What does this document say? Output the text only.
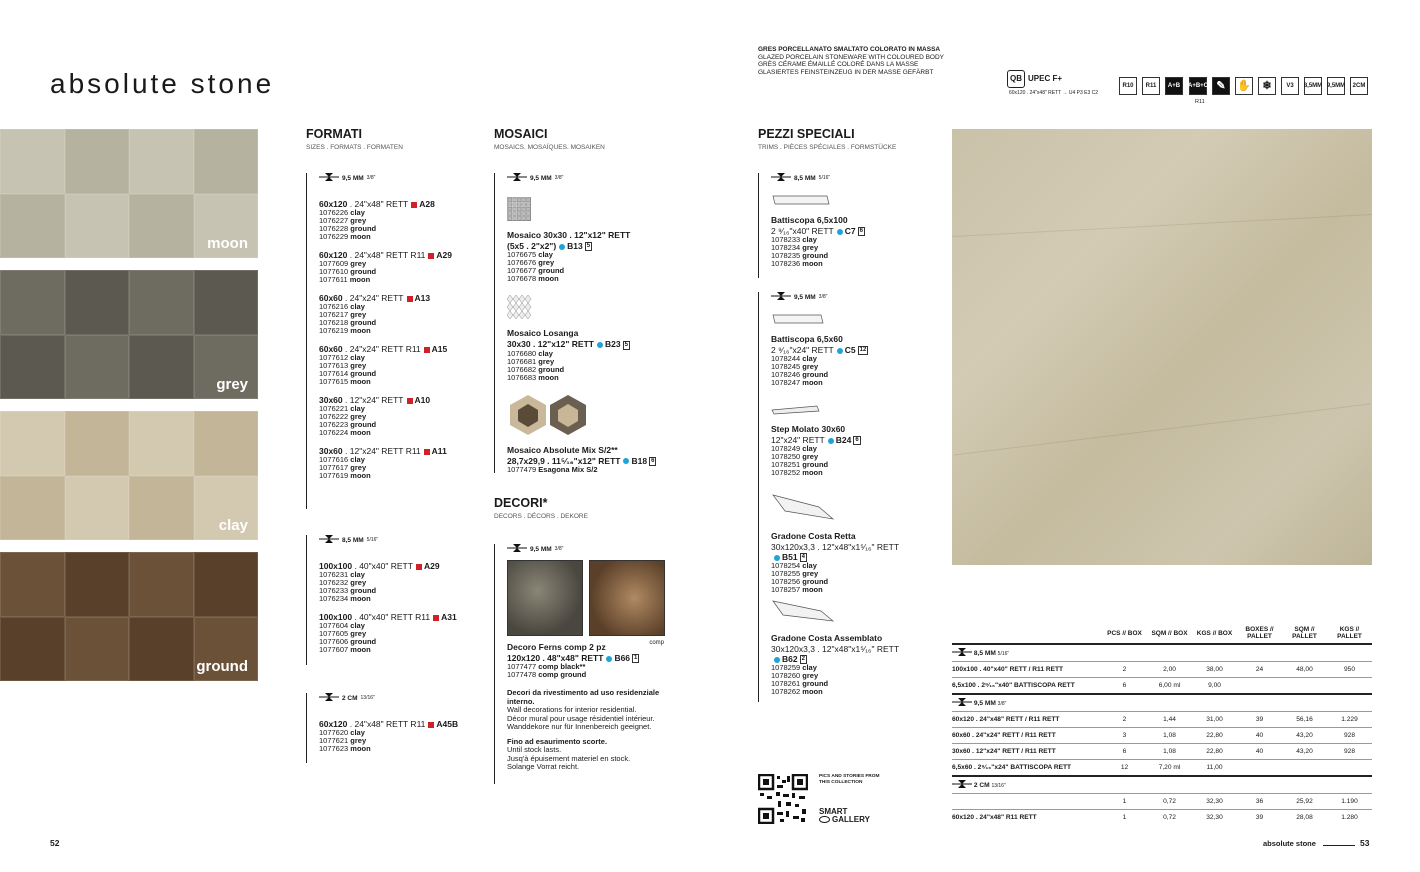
absolute stone
moon
grey
clay
ground
FORMATI
SIZES . FORMATS . FORMATEN
9,5 MM 3/8"
60x120 . 24"x48" RETT A28
1076226 clay
1076227 grey
1076228 ground
1076229 moon
60x120 . 24"x48" RETT R11 A29
1077609 grey
1077610 ground
1077611 moon
60x60 . 24"x24" RETT A13
1076216 clay
1076217 grey
1076218 ground
1076219 moon
60x60 . 24"x24" RETT R11 A15
1077612 clay
1077613 grey
1077614 ground
1077615 moon
30x60 . 12"x24" RETT A10
1076221 clay
1076222 grey
1076223 ground
1076224 moon
30x60 . 12"x24" RETT R11 A11
1077616 clay
1077617 grey
1077619 moon
8,5 MM 5/16"
100x100 . 40"x40" RETT A29
1076231 clay
1076232 grey
1076233 ground
1076234 moon
100x100 . 40"x40" RETT R11 A31
1077604 clay
1077605 grey
1077606 ground
1077607 moon
2 CM 13/16"
60x120 . 24"x48" RETT R11 A45B
1077620 clay
1077621 grey
1077623 moon
MOSAICI
MOSAICS. MOSAÏQUES. MOSAIKEN
9,5 MM 3/8"
Mosaico 30x30 . 12"x12" RETT
(5x5 . 2"x2") B13 5
1076675 clay
1076676 grey
1076677 ground
1076678 moon
Mosaico Losanga
30x30 . 12"x12" RETT B23 5
1076680 clay
1076681 grey
1076682 ground
1076683 moon
Mosaico Absolute Mix S/2**
28,7x29,9 . 11⁵⁄₁₆"x12" RETT B18 6
1077479 Esagona Mix S/2
DECORI*
DECORS . DÉCORS . DEKORE
9,5 MM 3/8"
Decoro Ferns comp 2 pz	comp
120x120 . 48"x48" RETT B66 1
1077477 comp black**
1077478 comp ground
Decori da rivestimento ad uso residenziale interno.
Wall decorations for interior residential.
Décor mural pour usage résidentiel intérieur.
Wanddekore nur für Innenbereich geeignet.
Fino ad esaurimento scorte.
Until stock lasts.
Jusq'à épuisement materiel en stock.
Solange Vorrat reicht.
PEZZI SPECIALI
TRIMS . PIÈCES SPÉCIALES . FORMSTÜCKE
8,5 MM 5/16"
Battiscopa 6,5x100
2 ⁹⁄₁₆"x40" RETT C7 6
1078233 clay
1078234 grey
1078235 ground
1078236 moon
9,5 MM 3/8"
Battiscopa 6,5x60
2 ⁹⁄₁₆"x24" RETT C5 12
1078244 clay
1078245 grey
1078246 ground
1078247 moon
Step Molato 30x60
12"x24" RETT B24 6
1078249 clay
1078250 grey
1078251 ground
1078252 moon
Gradone Costa Retta
30x120x3,3 . 12"x48"x1⁵⁄₁₆" RETT
B51 4
1078254 clay
1078255 grey
1078256 ground
1078257 moon
Gradone Costa Assemblato
30x120x3,3 . 12"x48"x1⁵⁄₁₆" RETT
B62 2
1078259 clay
1078260 grey
1078261 ground
1078262 moon
GRES PORCELLANATO SMALTATO COLORATO IN MASSA
GLAZED PORCELAIN STONEWARE WITH COLOURED BODY
GRÈS CÉRAME ÉMAILLÉ COLORÉ DANS LA MASSE
GLASIERTES FEINSTEINZEUG IN DER MASSE GEFÄRBT
QB UPEC F+
60x120 . 24"x48" RETT → U4 P3 E3 C2
R10	R11	A+B	A+B+C ✎	✋	❄	V3	8,5MM 9,5MM	2CM
R11
	PCS // BOX	SQM // BOX	KGS // BOX	BOXES // PALLET	SQM // PALLET	KGS // PALLET
8,5 MM 5/16"						
100x100 . 40"x40" RETT / R11 RETT	2	2,00	38,00	24	48,00	950
6,5x100 . 2⁹⁄₁₆"x40" BATTISCOPA RETT	6	6,00 ml	9,00			
9,5 MM 3/8"						
60x120 . 24"x48" RETT / R11 RETT	2	1,44	31,00	39	56,16	1.229
60x60 . 24"x24" RETT / R11 RETT	3	1,08	22,80	40	43,20	928
30x60 . 12"x24" RETT / R11 RETT	6	1,08	22,80	40	43,20	928
6,5x60 . 2⁹⁄₁₆"x24" BATTISCOPA RETT	12	7,20 ml	11,00			
2 CM 13/16"						
	1	0,72	32,30	36	25,92	1.190
60x120 . 24"x48" R11 RETT	1	0,72	32,30	39	28,08	1.280
PICS AND STORIES FROM THIS COLLECTION
SMART
GALLERY
52	absolute stone	53
